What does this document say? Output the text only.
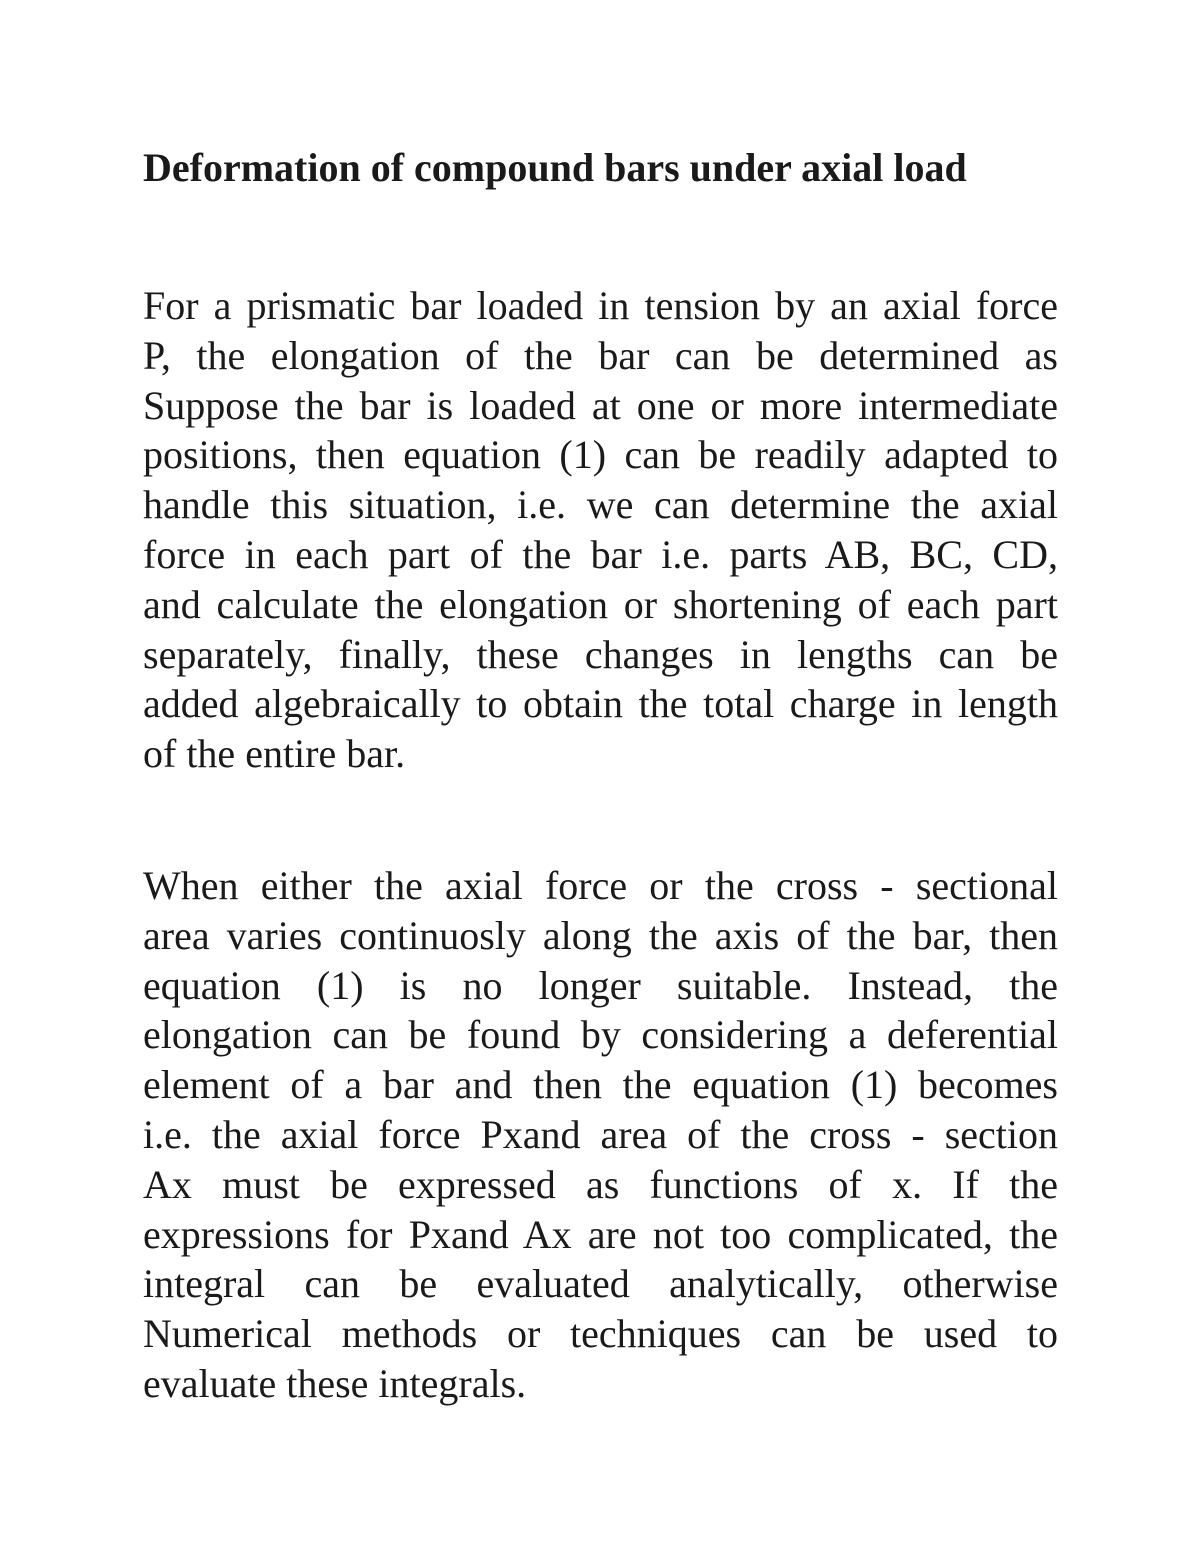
Deformation of compound bars under axial load

For a prismatic bar loaded in tension by an axial force
P, the elongation of the bar can be determined as
Suppose the bar is loaded at one or more intermediate
positions, then equation (1) can be readily adapted to
handle this situation, i.e. we can determine the axial
force in each part of the bar i.e. parts AB, BC, CD,
and calculate the elongation or shortening of each part
separately, finally, these changes in lengths can be
added algebraically to obtain the total charge in length
of the entire bar.

When either the axial force or the cross - sectional
area varies continuosly along the axis of the bar, then
equation (1) is no longer suitable. Instead, the
elongation can be found by considering a deferential
element of a bar and then the equation (1) becomes
i.e. the axial force Pxand area of the cross - section
Ax must be expressed as functions of x. If the
expressions for Pxand Ax are not too complicated, the
integral can be evaluated analytically, otherwise
Numerical methods or techniques can be used to
evaluate these integrals.
